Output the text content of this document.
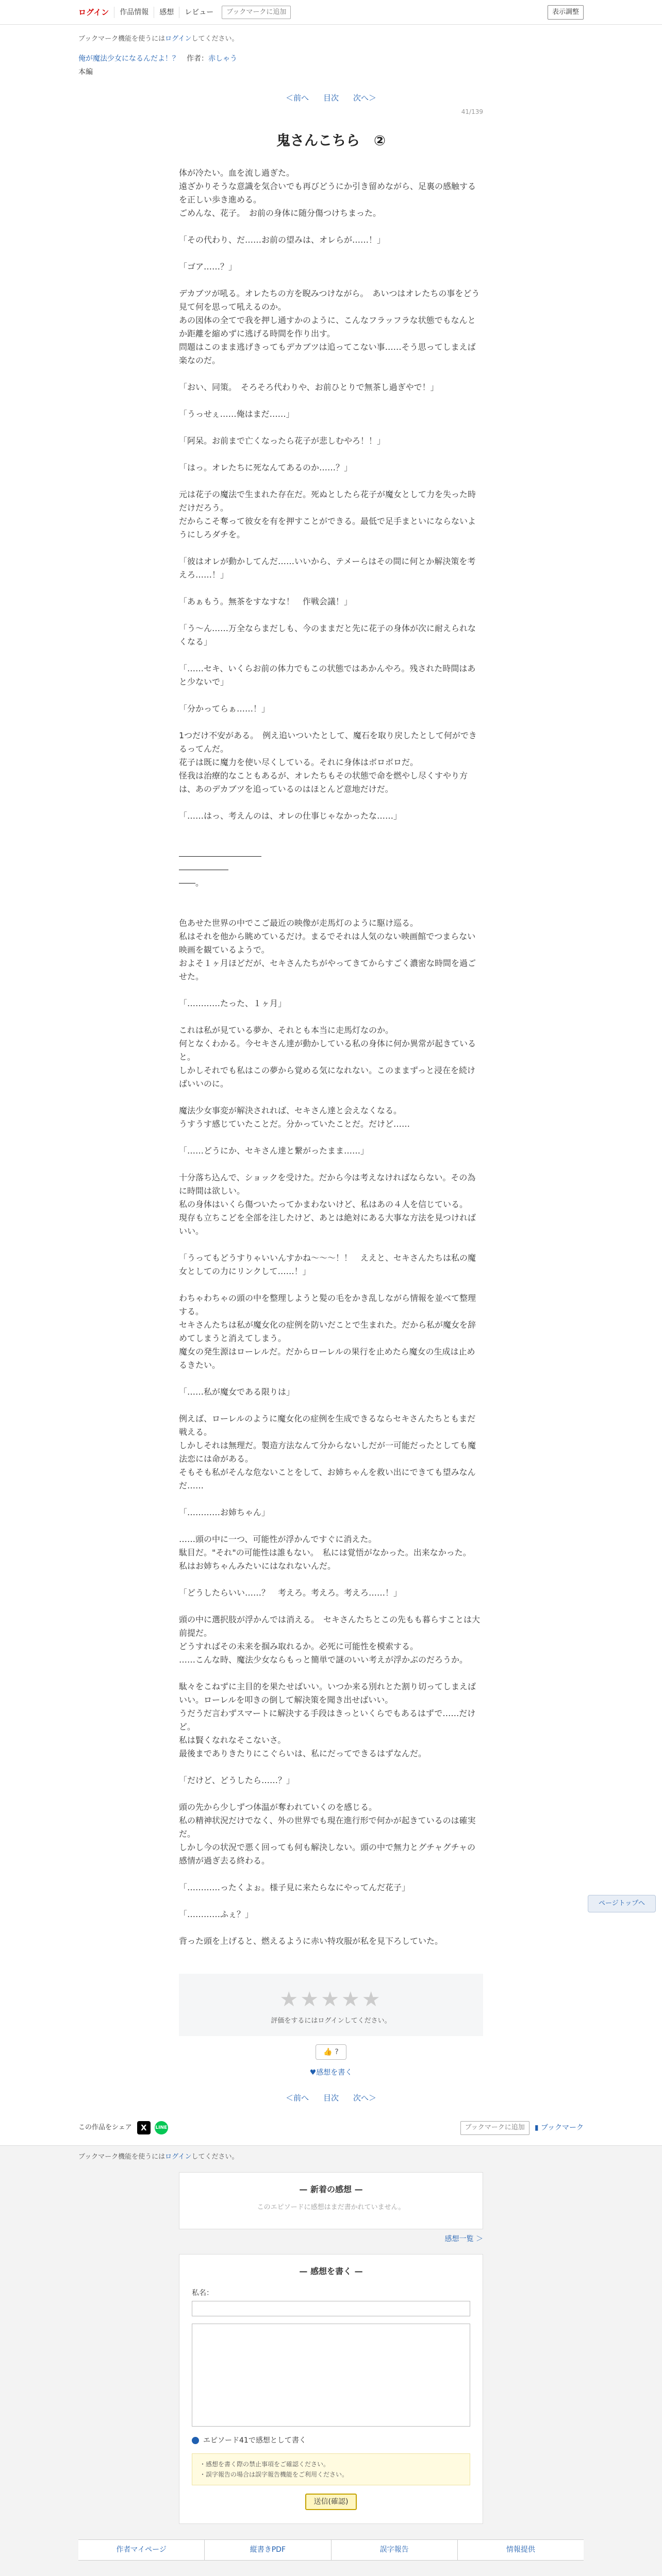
ログイン	作品情報	感想	レビュー	ブックマークに追加	表示調整
ブックマーク機能を使うにはログインしてください。
俺が魔法少女になるんだよ！？　 作者：赤しゃう
本編
＜前へ 目次 次へ＞
41/139
鬼さんこちら　②

体が冷たい。血を流し過ぎた。

遠ざかりそうな意識を気合いでも再びどうにか引き留めながら、足裏の感触するを正しい歩き進める。

ごめんな、花子。　お前の身体に随分傷つけちまった。

「その代わり、だ……お前の望みは、オレらが……！」

「ゴア……？」

デカブツが吼る。オレたちの方を睨みつけながら。　あいつはオレたちの事をどう見て何を思って吼えるのか。

あの図体の全てで我を押し通すかのように、こんなフラッフラな状態でもなんとか距離を縮めずに逃げる時間を作り出す。

問題はこのまま逃げきってもデカブツは追ってこない事……そう思ってしまえば楽なのだ。

「おい、同策。　そろそろ代わりや、お前ひとりで無茶し過ぎやで！」

「うっせぇ……俺はまだ……」

「阿呆。お前まで亡くなったら花子が悲しむやろ！！」

「はっ。オレたちに死なんてあるのか……？」

元は花子の魔法で生まれた存在だ。死ぬとしたら花子が魔女として力を失った時だけだろう。

だからこそ奪って彼女を有を押すことができる。最低で足手まといにならないようにしろダチを。

「彼はオレが動かしてんだ……いいから、テメーらはその間に何とか解決策を考えろ……！」

「あぁもう。無茶をすなすな！　作戦会議！」

「う〜ん……万全ならまだしも、今のままだと先に花子の身体が次に耐えられなくなる」

「……セキ、いくらお前の体力でもこの状態ではあかんやろ。残された時間はあと少ないで」

「分かってらぁ……！」

1つだけ不安がある。　例え追いついたとして、魔石を取り戻したとして何ができるってんだ。

花子は既に魔力を使い尽くしている。それに身体はボロボロだ。

怪我は治療的なこともあるが、オレたちもその状態で命を燃やし尽くすやり方は、あのデカブツを追っているのはほとんど意地だけだ。

「……はっ、考えんのは、オレの仕事じゃなかったな……」

――――――――――

――――――

――。

色あせた世界の中でこご最近の映像が走馬灯のように駆け巡る。

私はそれを他から眺めているだけ。まるでそれは人気のない映画館でつまらない映画を観ているようで。

およそ１ヶ月ほどだが、セキさんたちがやってきてからすごく濃密な時間を過ごせた。

「…………たった、１ヶ月」

これは私が見ている夢か、それとも本当に走馬灯なのか。

何となくわかる。今セキさん達が動かしている私の身体に何か異常が起きていると。

しかしそれでも私はこの夢から覚める気になれない。このままずっと浸在を続けばいいのに。

魔法少女事変が解決されれば、セキさん達と会えなくなる。

うすうす感じていたことだ。分かっていたことだ。だけど……

「……どうにか、セキさん達と繋がったまま……」

十分落ち込んで、ショックを受けた。だから今は考えなければならない。その為に時間は欲しい。

私の身体はいくら傷ついたってかまわないけど、私はあの４人を信じている。

現存も立ちこどを全部を注したけど、あとは絶対にある大事な方法を見つければいい。

「うってもどうすりゃいいんすかね〜〜〜！！　ええと、セキさんたちは私の魔女としての力にリンクして……！」

わちゃわちゃの頭の中を整理しようと髪の毛をかき乱しながら情報を並べて整理する。

セキさんたちは私が魔女化の症例を防いだことで生まれた。だから私が魔女を辞めてしまうと消えてしまう。

魔女の発生源はローレルだ。だからローレルの果行を止めたら魔女の生成は止めるきたい。

「……私が魔女である限りは」

例えば、ローレルのように魔女化の症例を生成できるならセキさんたちともまだ戦える。

しかしそれは無理だ。製造方法なんて分からないしだが一可能だったとしても魔法恋には命がある。

そもそも私がそんな危ないことをして、お姉ちゃんを救い出にできても望みなんだ……

「…………お姉ちゃん」

……頭の中に一つ、可能性が浮かんですぐに消えた。

駄目だ。"それ"の可能性は誰もない。　私には覚悟がなかった。出来なかった。

私はお姉ちゃんみたいにはなれないんだ。

「どうしたらいい……？　考えろ。考えろ。考えろ……！」

頭の中に選択肢が浮かんでは消える。　セキさんたちとこの先もも暮らすことは大前提だ。

どうすればその未来を掴み取れるか。必死に可能性を模索する。

……こんな時、魔法少女ならもっと簡単で謎のいい考えが浮かぶのだろうか。

駄々をこねずに主目的を果たせばいい。いつか来る別れとた割り切ってしまえばいい。ローレルを叩きの倒して解決策を聞き出せばいい。

うだうだ言わずスマートに解決する手段はきっといくらでもあるはずで……だけど。

私は賢くなれなそこないさ。

最後までありきたりにこぐらいは、私にだってできるはずなんだ。

「だけど、どうしたら……？」

頭の先から少しずつ体温が奪われていくのを感じる。

私の精神状況だけでなく、外の世界でも現在進行形で何かが起きているのは確実だ。

しかし今の状況で悪く回っても何も解決しない。頭の中で無力とグチャグチャの感情が過ぎ去る終わる。

「…………ったくよぉ。様子見に来たらなにやってんだ花子」

「…………ふぇ？」

背った頭を上げると、燃えるように赤い特攻服が私を見下ろしていた。

★★★★★
評価をするにはログインしてください。
👍 ?
♥感想を書く
＜前へ 目次 次へ＞
この作品をシェア	X	LINE	ブックマークに追加	▮ ブックマーク
ブックマーク機能を使うにはログインしてください。
— 新着の感想 —
このエピソードに感想はまだ書かれていません。
感想一覧 ＞
— 感想を書く —
私名：
エピソード41で感想として書く
・感想を書く際の禁止事項をご確認ください。
・誤字報告の場合は誤字報告機能をご利用ください。
送信(確認)
作者マイページ	縦書きPDF	誤字報告	情報提供
ページトップへ
